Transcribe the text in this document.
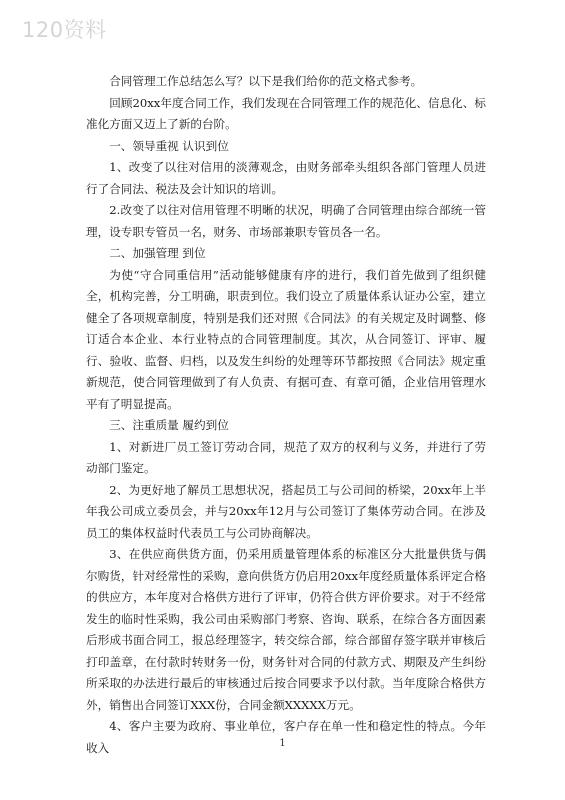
120资料

合同管理工作总结怎么写？以下是我们给你的范文格式参考。

回顾20xx年度合同工作，我们发现在合同管理工作的规范化、信息化、标准化方面又迈上了新的台阶。

一、领导重视 认识到位

1、改变了以往对信用的淡薄观念，由财务部牵头组织各部门管理人员进行了合同法、税法及会计知识的培训。

2.改变了以往对信用管理不明晰的状况，明确了合同管理由综合部统一管理，设专职专管员一名，财务、市场部兼职专管员各一名。

二、加强管理 到位

为使“守合同重信用”活动能够健康有序的进行，我们首先做到了组织健全，机构完善，分工明确，职责到位。我们设立了质量体系认证办公室，建立健全了各项规章制度，特别是我们还对照《合同法》的有关规定及时调整、修订适合本企业、本行业特点的合同管理制度。其次，从合同签订、评审、履行、验收、监督、归档，以及发生纠纷的处理等环节都按照《合同法》规定重新规范，使合同管理做到了有人负责、有据可查、有章可循，企业信用管理水平有了明显提高。

三、注重质量 履约到位

1、对新进厂员工签订劳动合同，规范了双方的权利与义务，并进行了劳动部门鉴定。

2、为更好地了解员工思想状况，搭起员工与公司间的桥梁，20xx年上半年我公司成立委员会，并与20xx年12月与公司签订了集体劳动合同。在涉及员工的集体权益时代表员工与公司协商解决。

3、在供应商供货方面，仍采用质量管理体系的标准区分大批量供货与偶尔购货，针对经常性的采购，意向供货方仍启用20xx年度经质量体系评定合格的供应方，本年度对合格供方进行了评审，仍符合供方评价要求。对于不经常发生的临时性采购，我公司由采购部门考察、咨询、联系，在综合各方面因素后形成书面合同工，报总经理签字，转交综合部，综合部留存签字联并审核后打印盖章，在付款时转财务一份，财务针对合同的付款方式、期限及产生纠纷所采取的办法进行最后的审核通过后按合同要求予以付款。当年度除合格供方外，销售出合同签订XXX份，合同金额XXXXX万元。

4、客户主要为政府、事业单位，客户存在单一性和稳定性的特点。今年收入	1
